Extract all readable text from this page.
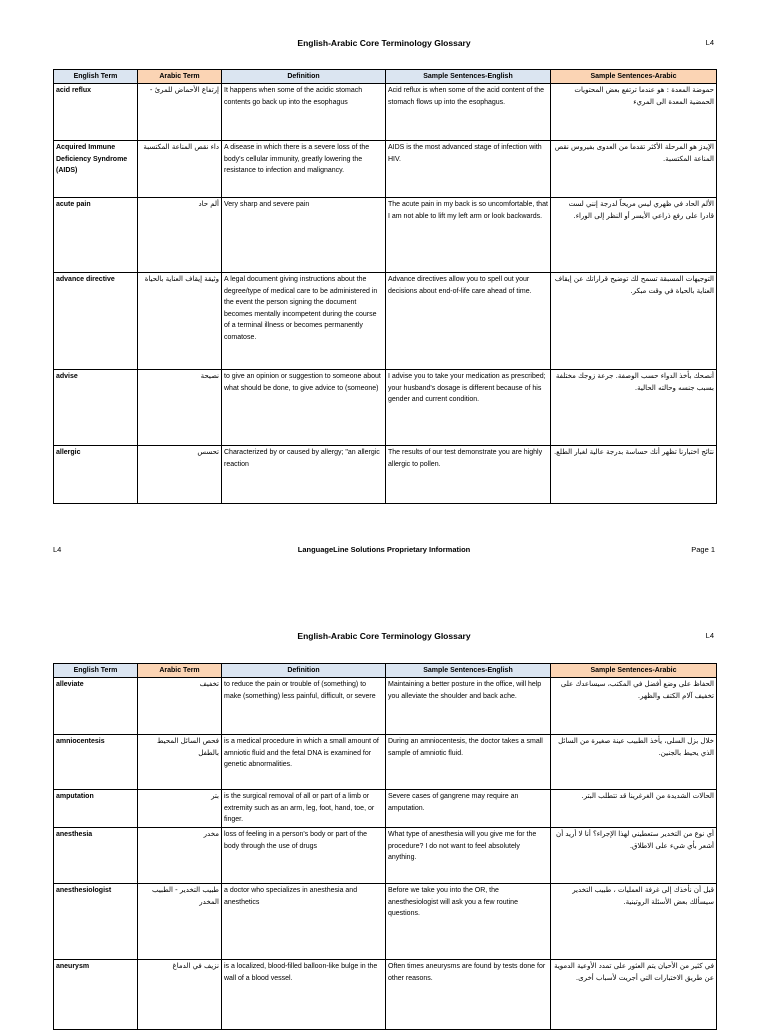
English-Arabic Core Terminology Glossary	L4
English Term	Arabic Term	Definition	Sample Sentences-English	Sample Sentences-Arabic
acid reflux	إرتفاع الأحماض للمرئ -	It happens when some of the acidic stomach contents go back up into the esophagus	Acid reflux is when some of the acid content of the stomach flows up into the esophagus.	حموضة المعدة : هو عندما ترتفع بعض المحتويات الحمضية المعدة الى المريء
Acquired Immune Deficiency Syndrome (AIDS)	داء نقص المناعة المكتسبة	A disease in which there is a severe loss of the body's cellular immunity, greatly lowering the resistance to infection and malignancy.	AIDS is the most advanced stage of infection with HIV.	الإيدز هو المرحلة الأكثر تقدما من العدوى بفيروس نقص المناعة المكتسبة.
acute pain	ألم حاد	Very sharp and severe pain	The acute pain in my back is so uncomfortable, that I am not able to lift my left arm or look backwards.	الألم الحاد في ظهري ليس مريحاً لدرجة إنني لست قادرا على رفع ذراعي الأيسر أو النظر إلى الوراء.
advance directive	وثيقة إيقاف العناية بالحياة	A legal document giving instructions about the degree/type of medical care to be administered in the event the person signing the document becomes mentally incompetent during the course of a terminal illness or becomes permanently comatose.	Advance directives allow you to spell out your decisions about end-of-life care ahead of time.	التوجيهات المسبقة تسمح لك توضيح قراراتك عن إيقاف العناية بالحياة في وقت مبكر.
advise	نصيحة	to give an opinion or suggestion to someone about what should be done, to give advice to (someone)	I advise you to take your medication as prescribed; your husband's dosage is different because of his gender and current condition.	أنصحك بأخذ الدواء حسب الوصفة. جرعة زوجك مختلفة بسبب جنسه وحالته الحالية.
allergic	تحسس	Characterized by or caused by allergy; "an allergic reaction	The results of our test demonstrate you are highly allergic to pollen.	نتائج اختبارنا تظهر أنك حساسة بدرجة عالية لغبار الطلع.
L4	LanguageLine Solutions Proprietary Information	Page 1
English-Arabic Core Terminology Glossary	L4
English Term	Arabic Term	Definition	Sample Sentences-English	Sample Sentences-Arabic
alleviate	تخفيف	to reduce the pain or trouble of (something) to make (something) less painful, difficult, or severe	Maintaining a better posture in the office, will help you alleviate the shoulder and back ache.	الحفاظ على وضع أفضل في المكتب، سيساعدك على تخفيف آلام الكتف والظهر.
amniocentesis	فحص السائل المحيط بالطفل	is a medical procedure in which a small amount of amniotic fluid and the fetal DNA is examined for genetic abnormalities.	During an amniocentesis, the doctor takes a small sample of amniotic fluid.	خلال بزل السلى، يأخذ الطبيب عينة صغيرة من السائل الذي يحيط بالجنين.
amputation	بتر	is the surgical removal of all or part of a limb or extremity such as an arm, leg, foot, hand, toe, or finger.	Severe cases of gangrene may require an amputation.	الحالات الشديدة من الغرغرينا قد تتطلب البتر.
anesthesia	مخدر	loss of feeling in a person's body or part of the body through the use of drugs	What type of anesthesia will you give me for the procedure? I do not want to feel absolutely anything.	أي نوع من التخدير ستعطيني لهذا الإجراء؟ أنا لا أريد أن أشعر بأي شيء على الاطلاق.
anesthesiologist	طبيب التخدير - الطبيب المخدر	a doctor who specializes in anesthesia and anesthetics	Before we take you into the OR, the anesthesiologist will ask you a few routine questions.	قبل أن نأخذك إلى غرفة العمليات ، طبيب التخدير سيسألك بعض الأسئلة الروتينية.
aneurysm	نزيف في الدماغ	is a localized, blood-filled balloon-like bulge in the wall of a blood vessel.	Often times aneurysms are found by tests done for other reasons.	في كثير من الأحيان يتم العثور على تمدد الأوعية الدموية عن طريق الاختبارات التي أجريت لأسباب أخرى.
